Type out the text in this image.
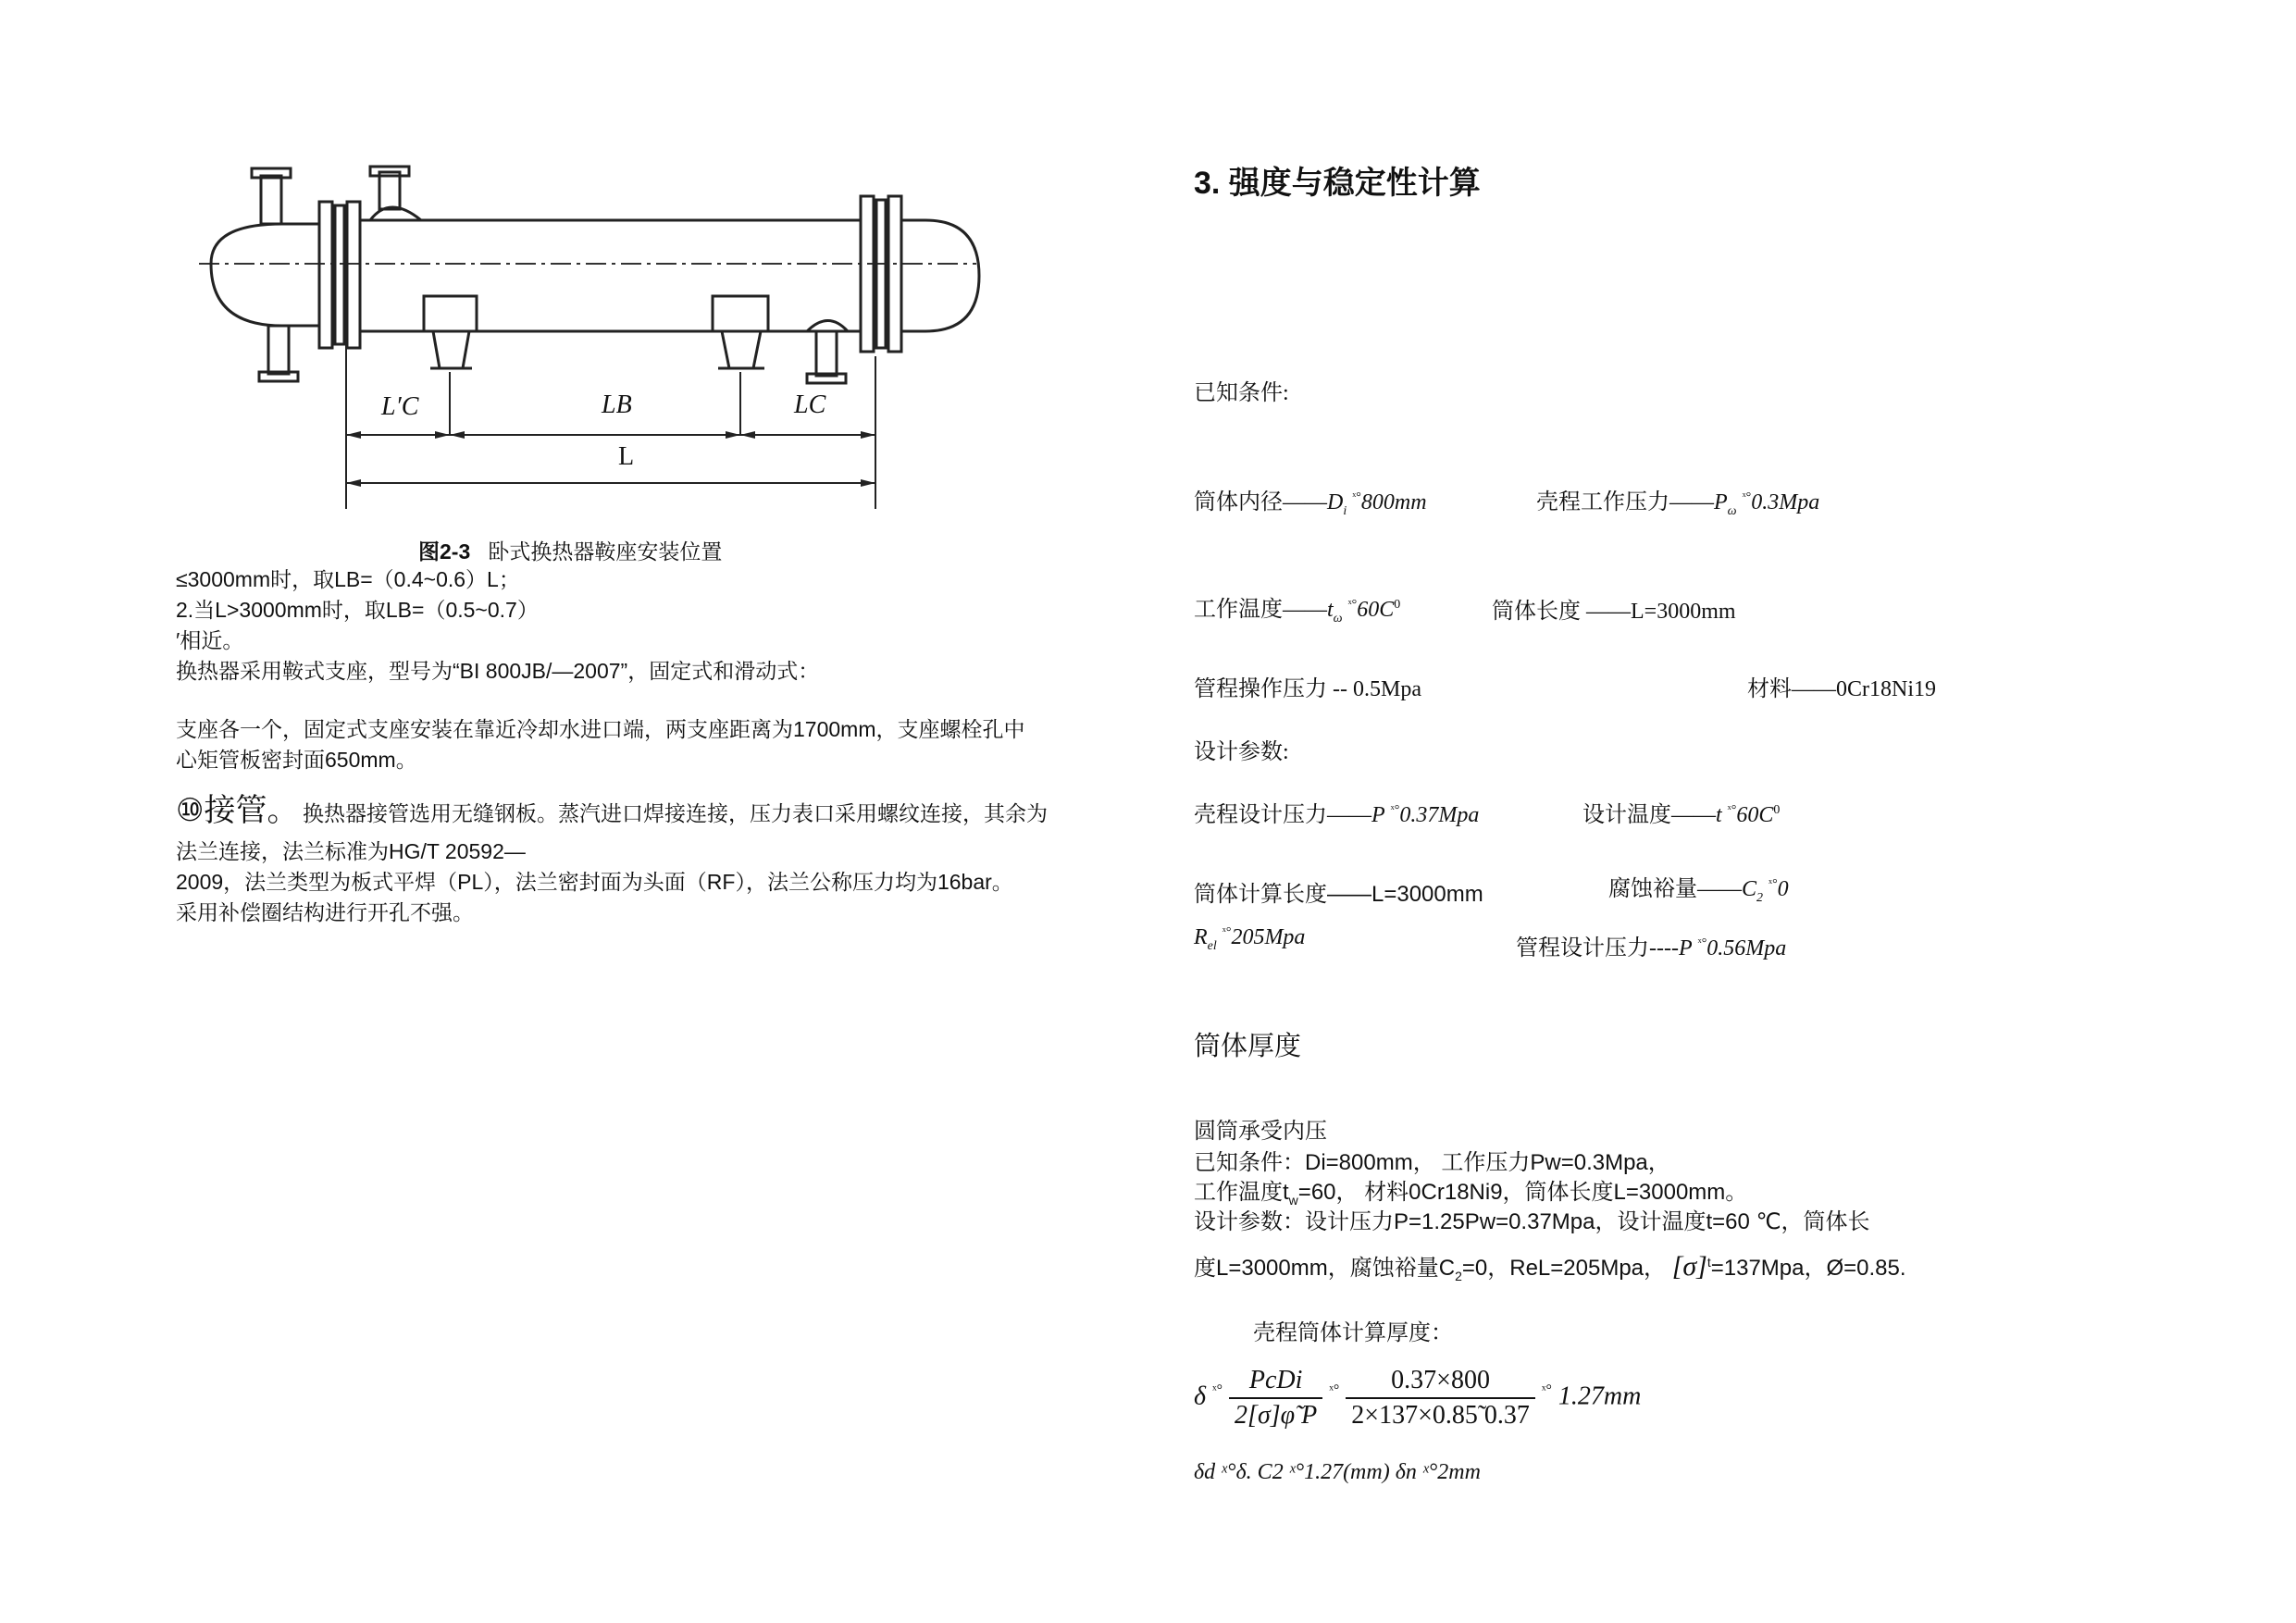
L′C	LB	LC
L
图2-3 卧式换热器鞍座安装位置
≤3000mm时，取LB=（0.4~0.6）L；
2.当L>3000mm时，取LB=（0.5~0.7）
′相近。
换热器采用鞍式支座，型号为“BI 800JB/—2007”，固定式和滑动式：
支座各一个，固定式支座安装在靠近冷却水进口端，两支座距离为1700mm，支座螺栓孔中
心矩管板密封面650mm。
⑩接管。 换热器接管选用无缝钢板。蒸汽进口焊接连接，压力表口采用螺纹连接，其余为
法兰连接，法兰标准为HG/T 20592—
2009，法兰类型为板式平焊（PL），法兰密封面为头面（RF），法兰公称压力均为16bar。
采用补偿圈结构进行开孔不强。
3. 强度与稳定性计算
已知条件:
筒体内径$——D_i$ $^{ˣ^\circ}$800mm	壳程工作压力$——P_\omega$ $^{ˣ^\circ}$0.3Mpa
工作温度$——t_\omega$ $^{ˣ^\circ}60C^0$	筒体长度 ——L=3000mm
管程操作压力 -- 0.5Mpa	材料——0Cr18Ni19
设计参数:
壳程设计压力——P $^{ˣ^\circ}$0.37Mpa	设计温度——t $^{ˣ^\circ}60C^0$
筒体计算长度——L=3000mm	腐蚀裕量$——C_2$ $^{ˣ^\circ}$0
$R_{el}$ $^{ˣ^\circ}$205Mpa	管程设计压力----P $^{ˣ^\circ}$0.56Mpa
筒体厚度
圆筒承受内压
已知条件：Di=800mm， 工作压力Pw=0.3Mpa，
工作温度$t_w=60$， 材料0Cr18Ni9，筒体长度L=3000mm。
设计参数：设计压力P=1.25Pw=0.37Mpa，设计温度t=60 ℃，筒体长
度L=3000mm，腐蚀裕量$C_2=0$，ReL=205Mpa， $[\sigma]^t=137Mpa$，Ø=0.85.
壳程筒体计算厚度：
δ $^{ˣ^\circ} \frac{\text{PcDi}}{2[\sigma]\varphĩ P} ^{ˣ^\circ} \frac{0.37\times 800}{2\times 137\times 0.85̃ 0.37} ^{ˣ^\circ}$ 1.27mm
δd ˣ°δ. C2 ˣ°1.27(mm) δn ˣ°2mm
